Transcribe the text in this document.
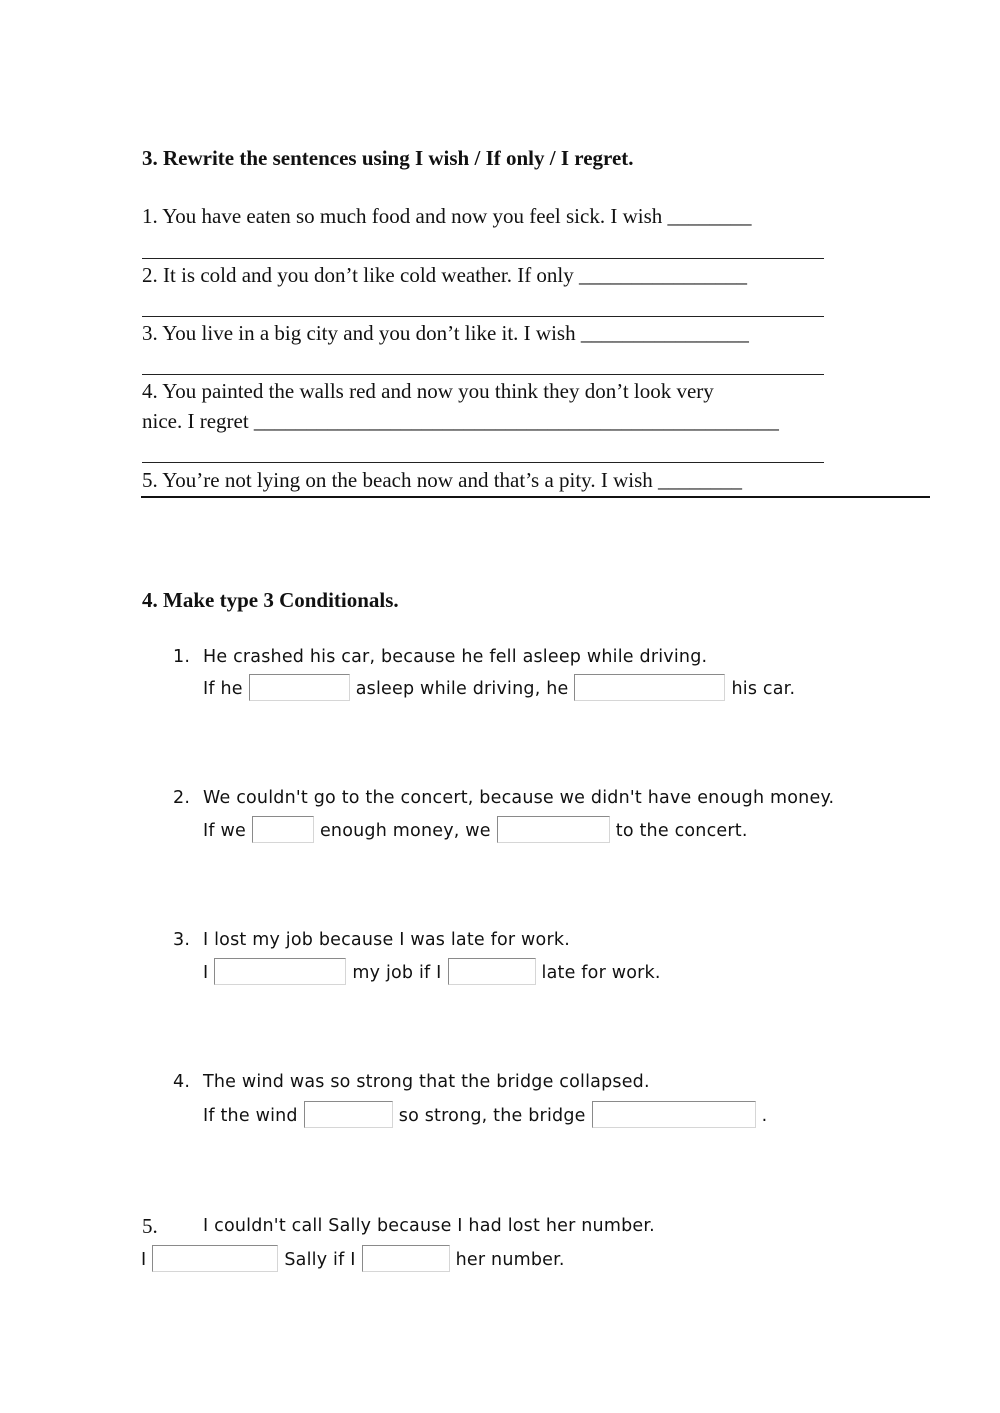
3. Rewrite the sentences using I wish / If only / I regret.
1. You have eaten so much food and now you feel sick. I wish ________
2. It is cold and you don’t like cold weather. If only ________________
3. You live in a big city and you don’t like it. I wish ________________
4. You painted the walls red and now you think they don’t look very
nice. I regret __________________________________________________
5. You’re not lying on the beach now and that’s a pity. I wish ________
4. Make type 3 Conditionals.
1. He crashed his car, because he fell asleep while driving.
If he	asleep while driving, he	his car.
2. We couldn't go to the concert, because we didn't have enough money.
If we	enough money, we	to the concert.
3. I lost my job because I was late for work.
I	my job if I	late for work.
4. The wind was so strong that the bridge collapsed.
If the wind	so strong, the bridge	.
5.	I couldn't call Sally because I had lost her number.
I	Sally if I	her number.
